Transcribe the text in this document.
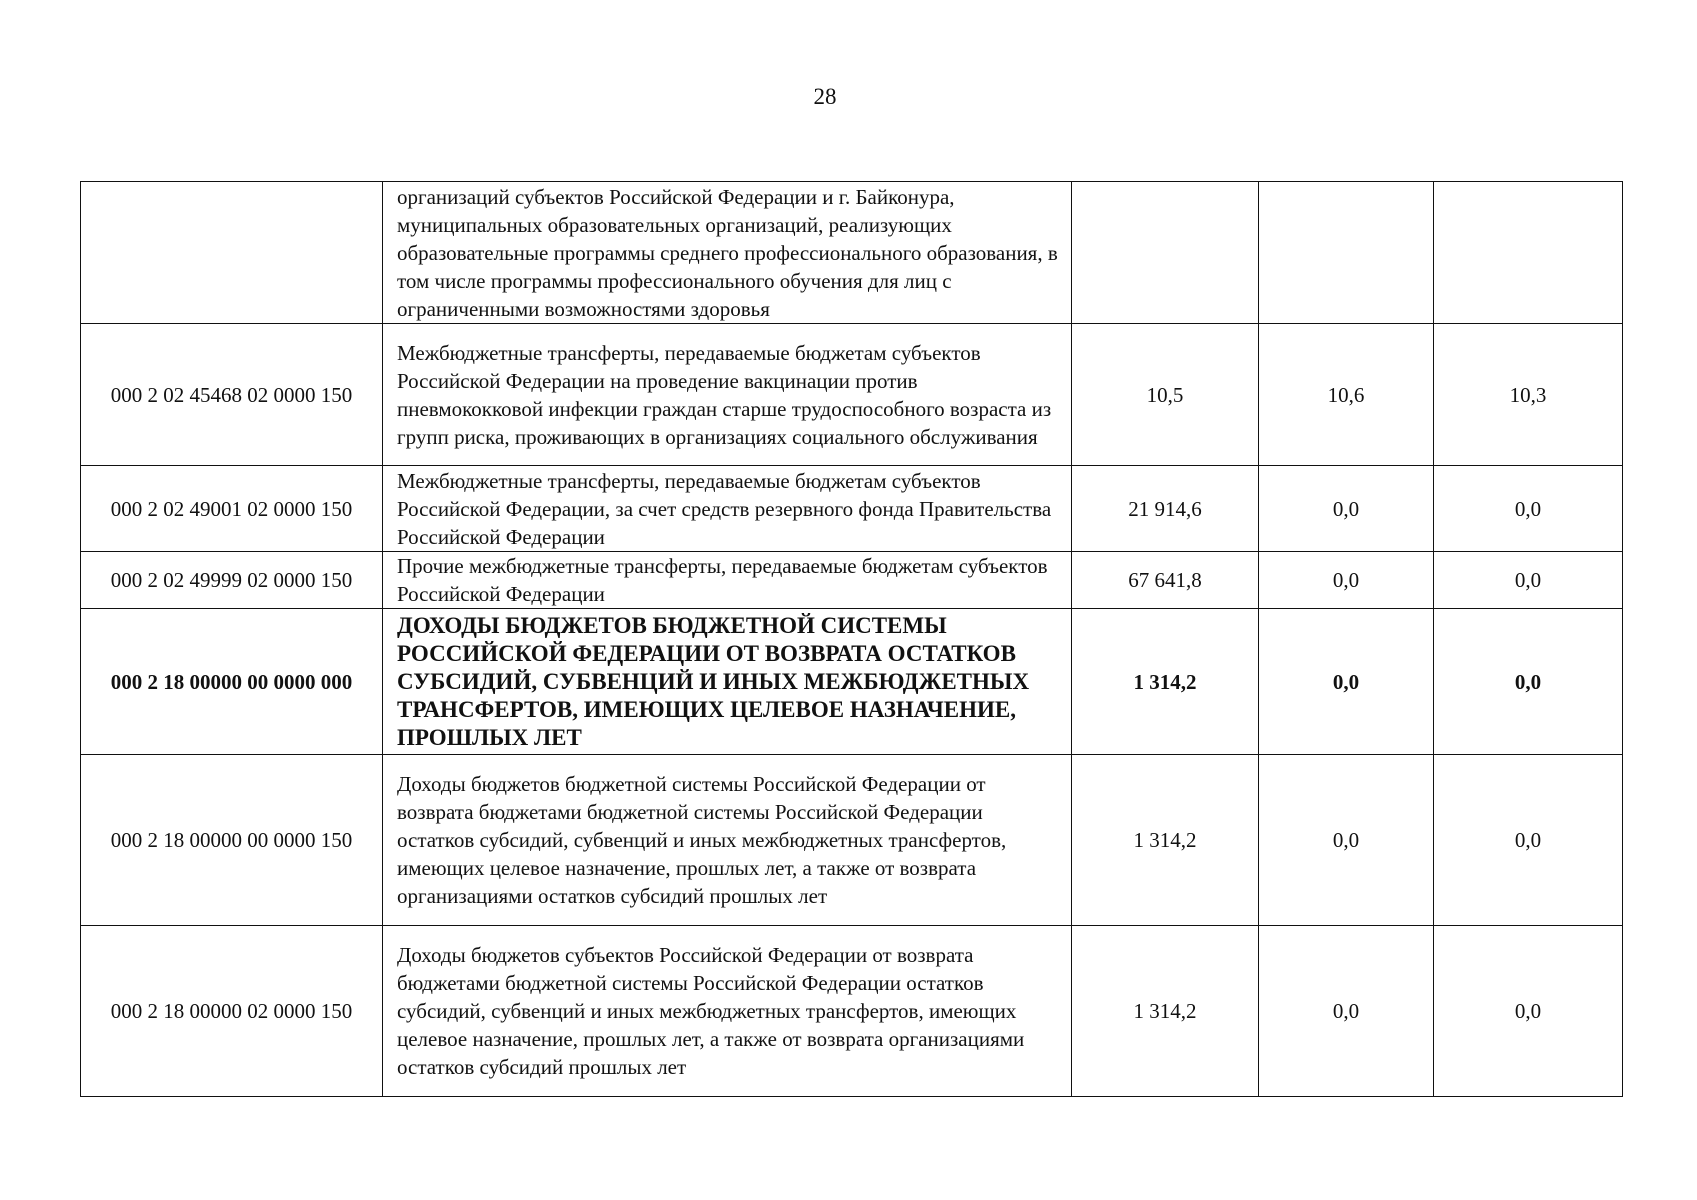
28
	организаций субъектов Российской Федерации и г. Байконура, муниципальных образовательных организаций, реализующих образовательные программы среднего профессионального образования, в том числе программы профессионального обучения для лиц с ограниченными возможностями здоровья			
000 2 02 45468 02 0000 150	Межбюджетные трансферты, передаваемые бюджетам субъектов Российской Федерации на проведение вакцинации против пневмококковой инфекции граждан старше трудоспособного возраста из групп риска, проживающих в организациях социального обслуживания	10,5	10,6	10,3
000 2 02 49001 02 0000 150	Межбюджетные трансферты, передаваемые бюджетам субъектов Российской Федерации, за счет средств резервного фонда Правительства Российской Федерации	21 914,6	0,0	0,0
000 2 02 49999 02 0000 150	Прочие межбюджетные трансферты, передаваемые бюджетам субъектов Российской Федерации	67 641,8	0,0	0,0
000 2 18 00000 00 0000 000	ДОХОДЫ БЮДЖЕТОВ БЮДЖЕТНОЙ СИСТЕМЫ РОССИЙСКОЙ ФЕДЕРАЦИИ ОТ ВОЗВРАТА ОСТАТКОВ СУБСИДИЙ, СУБВЕНЦИЙ И ИНЫХ МЕЖБЮДЖЕТНЫХ ТРАНСФЕРТОВ, ИМЕЮЩИХ ЦЕЛЕВОЕ НАЗНАЧЕНИЕ, ПРОШЛЫХ ЛЕТ	1 314,2	0,0	0,0
000 2 18 00000 00 0000 150	Доходы бюджетов бюджетной системы Российской Федерации от возврата бюджетами бюджетной системы Российской Федерации остатков субсидий, субвенций и иных межбюджетных трансфертов, имеющих целевое назначение, прошлых лет, а также от возврата организациями остатков субсидий прошлых лет	1 314,2	0,0	0,0
000 2 18 00000 02 0000 150	Доходы бюджетов субъектов Российской Федерации от возврата бюджетами бюджетной системы Российской Федерации остатков субсидий, субвенций и иных межбюджетных трансфертов, имеющих целевое назначение, прошлых лет, а также от возврата организациями остатков субсидий прошлых лет	1 314,2	0,0	0,0
